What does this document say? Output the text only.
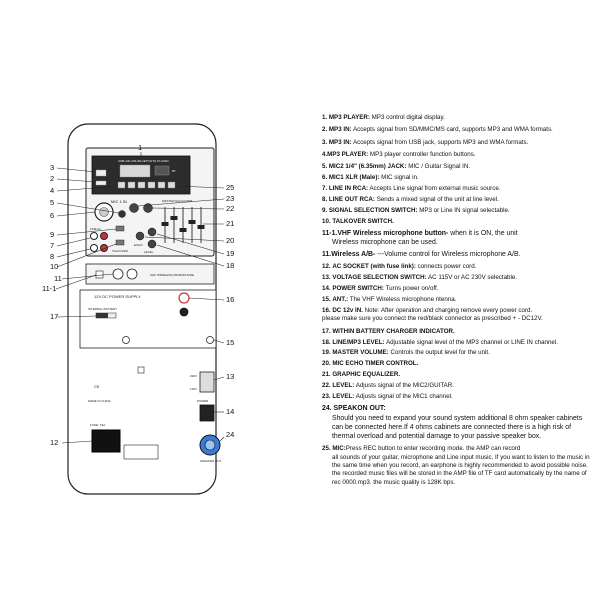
USB+SD+FM+BLUETOOTH PLAYER
BT
MIC 1 IN	MASTER EQUALIZER
LINE IN
TALKOVER
ECHO
LEVEL
UHF WIRELESS MICROPHONE
12V DC POWER SUPPLY
INTERNAL BATTERY
CE
MADE IN CHINA
230V
115V
POWER
FUSE: T3A
SPEAKER OUT
1
2
3
4	25
5	23
22
6
21
9
7
20
8	19
10	18
11
11-1
16
17
15
13
14
12
24
1. MP3 PLAYER: MP3 control digital display.
2. MP3 IN: Accepts signal from SD/MMC/MS card, supports MP3 and WMA formats.
3. MP3 IN: Accepts signal from USB jack, supports MP3 and WMA formats.
4.MP3 PLAYER: MP3 player controller function buttons.
5. MIC2 1/4" (6.35mm) JACK: MIC / Guitar Signal IN.
6. MIC1 XLR (Male): MIC signal in.
7. LINE IN RCA: Accepts Line signal from external music source.
8. LINE OUT RCA: Sends a mixed signal of the unit at line level.
9. SIGNAL SELECTION SWITCH: MP3 or Line IN signal selectable.
10. TALKOVER SWITCH.
11-1.VHF Wireless microphone button- when it is ON, the unit
Wireless microphone can be used.
11.Wireless A/B- ---Volume control for Wireless microphone A/B.
12. AC SOCKET (with fuse link): connects power cord.
13. VOLTAGE SELECTION SWITCH: AC 115V or AC 230V selectable.
14. POWER SWITCH: Turns power on/off.
15. ANT.: The VHF Wireless microphone ntenna.
16. DC 12v IN. Note: After operation and charging remove every power cord.
please make sure you connect the red/black connector as prescribed + - DC12V.
17. WITHIN BATTERY CHARGER INDICATOR.
18. LINE/MP3 LEVEL: Adjustable signal level of the MP3 channel or LINE IN channel.
19. MASTER VOLUME: Controls the output level for the unit.
20. MIC ECHO TIMER CONTROL.
21. GRAPHIC EQUALIZER.
22. LEVEL: Adjusts signal of the MIC2/GUITAR.
23. LEVEL: Adjusts signal of the MIC1 channel.
24. SPEAKON OUT:
Should you need to expand your sound system additional 8 ohm speaker cabinets can be connected here.If 4 ohms cabinets are connected there is a high risk of thermal overload and potential damage to your passive speaker box.
25. MIC:Press REC button to enter recording mode. the AMP can record
all sounds of your guitar, microphone and Line input music. If you want to listen to the music in the same time when you record, an earphone is highly recommended to avoid possible noise. the recorded music files will be stored in the AMP file of TF card automatically by the name of rec 0000.mp3. the music quality is 128K bps.
